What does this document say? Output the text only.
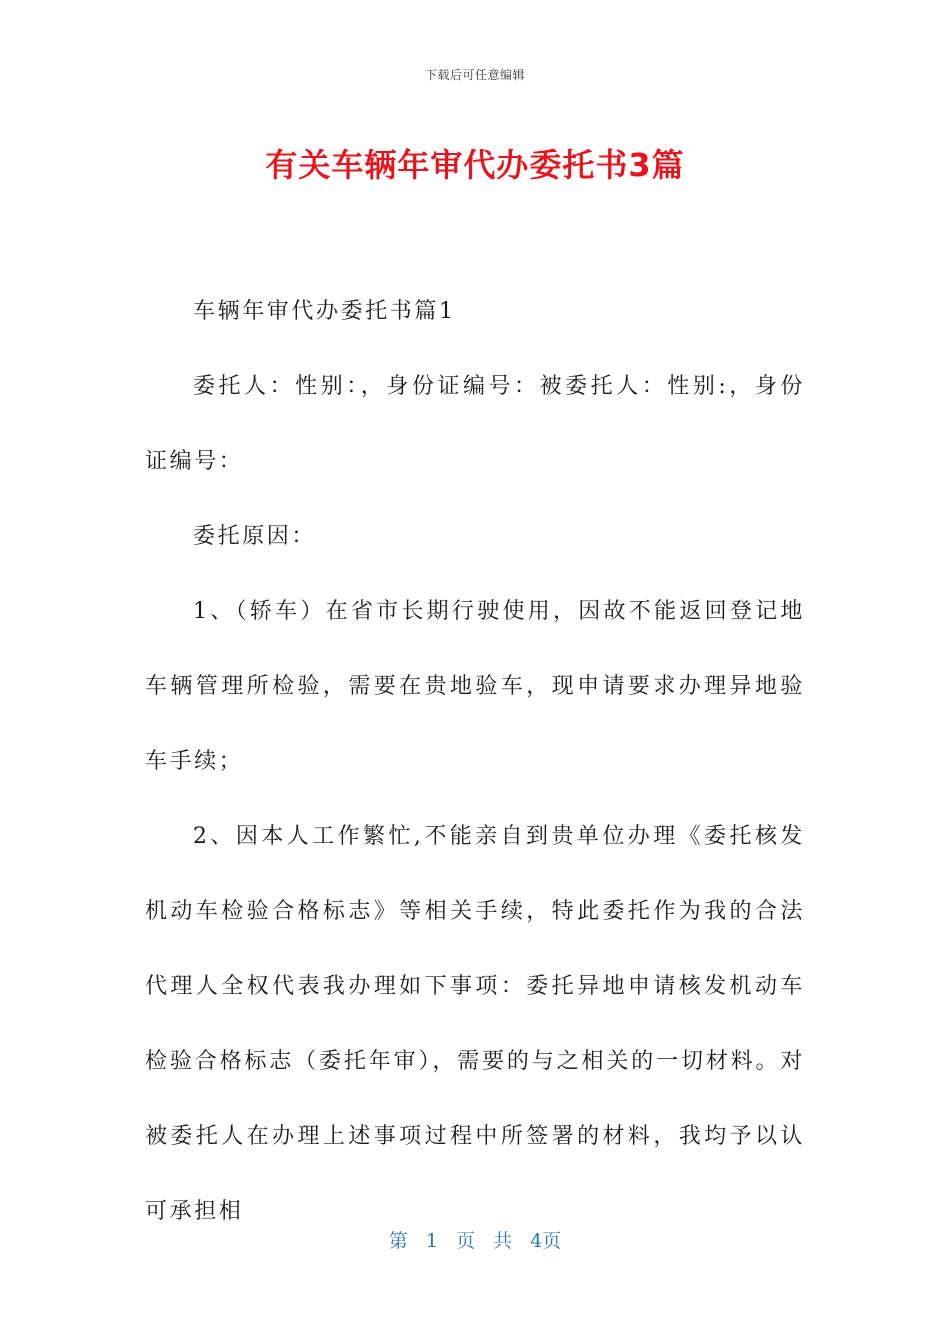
下载后可任意编辑
有关车辆年审代办委托书3篇

车辆年审代办委托书篇1

委托人：性别：，身份证编号：被委托人：性别:，身份证编号：

委托原因：

1、（轿车）在省市长期行驶使用，因故不能返回登记地车辆管理所检验，需要在贵地验车，现申请要求办理异地验车手续；

2、因本人工作繁忙,不能亲自到贵单位办理《委托核发机动车检验合格标志》等相关手续，特此委托作为我的合法代理人全权代表我办理如下事项：委托异地申请核发机动车检验合格标志（委托年审），需要的与之相关的一切材料。对被委托人在办理上述事项过程中所签署的材料，我均予以认可承担相

第 1 页 共 4页
